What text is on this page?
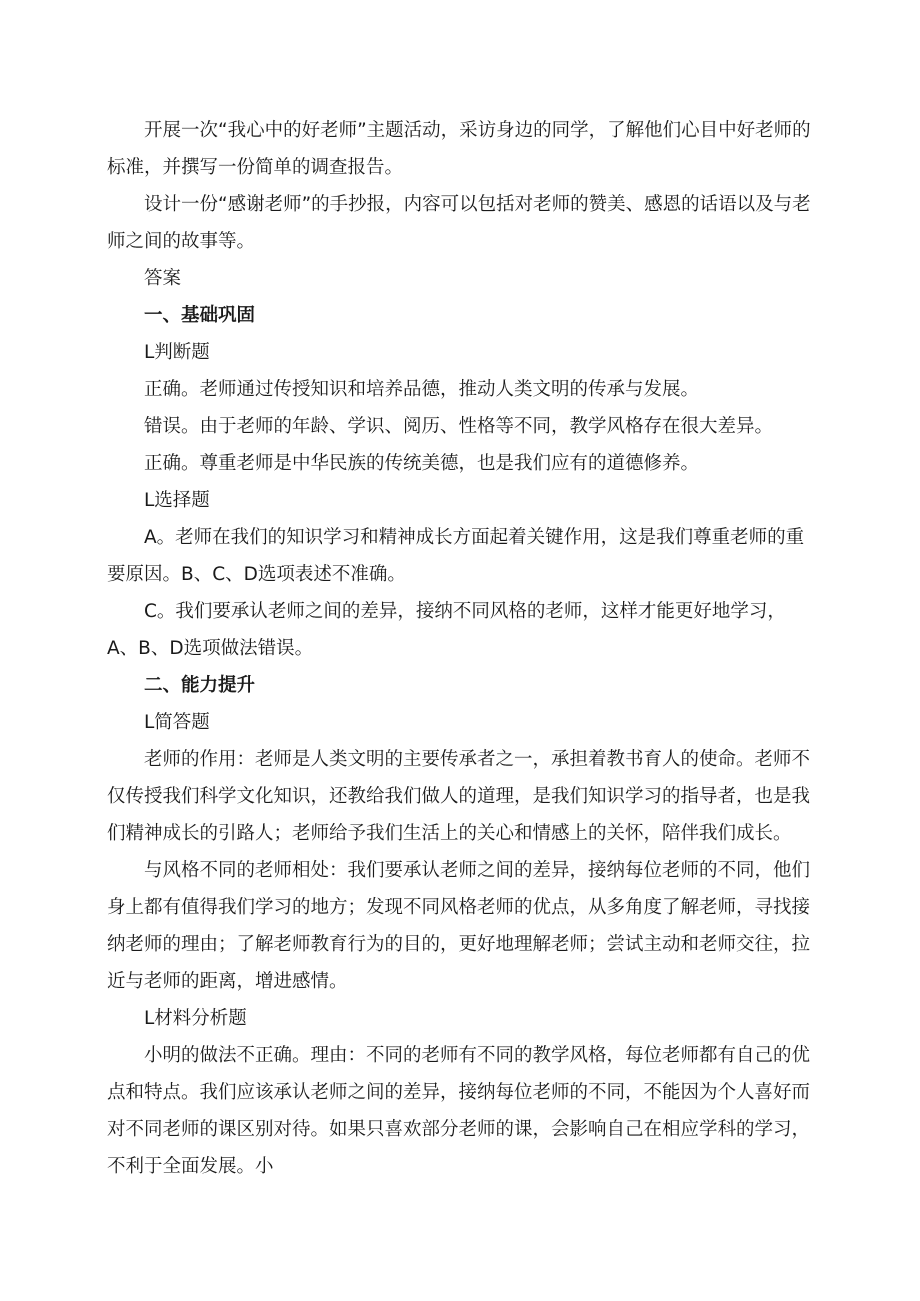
开展一次“我心中的好老师”主题活动，采访身边的同学，了解他们心目中好老师的标准，并撰写一份简单的调查报告。

设计一份“感谢老师”的手抄报，内容可以包括对老师的赞美、感恩的话语以及与老师之间的故事等。

答案

一、基础巩固

L判断题

正确。老师通过传授知识和培养品德，推动人类文明的传承与发展。

错误。由于老师的年龄、学识、阅历、性格等不同，教学风格存在很大差异。

正确。尊重老师是中华民族的传统美德，也是我们应有的道德修养。

L选择题

A。老师在我们的知识学习和精神成长方面起着关键作用，这是我们尊重老师的重要原因。B、C、D选项表述不准确。

C。我们要承认老师之间的差异，接纳不同风格的老师，这样才能更好地学习，A、B、D选项做法错误。

二、能力提升

L简答题

老师的作用：老师是人类文明的主要传承者之一，承担着教书育人的使命。老师不仅传授我们科学文化知识，还教给我们做人的道理，是我们知识学习的指导者，也是我们精神成长的引路人；老师给予我们生活上的关心和情感上的关怀，陪伴我们成长。

与风格不同的老师相处：我们要承认老师之间的差异，接纳每位老师的不同，他们身上都有值得我们学习的地方；发现不同风格老师的优点，从多角度了解老师，寻找接纳老师的理由；了解老师教育行为的目的，更好地理解老师；尝试主动和老师交往，拉近与老师的距离，增进感情。

L材料分析题

小明的做法不正确。理由：不同的老师有不同的教学风格，每位老师都有自己的优点和特点。我们应该承认老师之间的差异，接纳每位老师的不同，不能因为个人喜好而对不同老师的课区别对待。如果只喜欢部分老师的课，会影响自己在相应学科的学习，不利于全面发展。小
